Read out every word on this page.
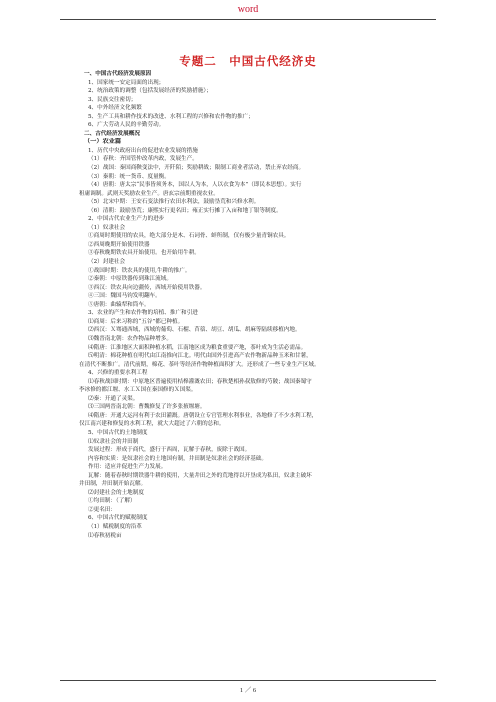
word
专题二　中国古代经济史
一、中国古代经济发展原因
1、国家统一安定局面的出现；
2、统治政策的调整（包括发展经济的奖励措施）；
3、民族交往密切；
4、中外经济文化频繁
5、生产工具和耕作技术的改进、水利工程的兴修和农作物的推广；
6、广大劳动人民的辛勤劳动。
二、古代经济发展概况
（一）农业篇
1、历代中央政府出台的促进农业发展的措施
（1）春秋：齐国管仲改革内政，发展生产。
（2）战国：秦国商鞅变法中，开阡陌；奖励耕战；限制工商业者活动，禁止弃农经商。
（3）秦朝：统一货币、度量衡。
（4）唐朝：唐太宗“民事皆须务本，国以人为本，人以衣食为本”（即民本思想）。实行
租庸调制。武则天奖励农业生产。唐玄宗前期重视农业。
（5）北宋中期：王安石变法推行农田水利法，鼓励垦荒和兴修水利。
（6）清朝：鼓励垦荒；康熙实行更名田；雍正实行摊丁入亩和地丁银等制度。
2、中国古代农业生产力的进步
（1）奴隶社会
①商周时期使用的农具，绝大部分是木、石词骨、蚌所制，仅有极少量青铜农具。
②西周晚期开始使用铁器
③春秋晚期铁农具开始使用。也开始用牛耕。
（2）封建社会
①战国时期：铁农具的使用,牛耕的推广。
②秦朝：中原铁器传到珠江流域。
③西汉：铁农具向边疆传，西域开始使用铁器。
④三国：魏国马钧发明翻车。
⑤唐朝：曲辕犁和筒车。
3、农业的产生和农作物的培植、推广和引进
⑴商周：后来习称的“五谷”都已种植。
⑵西汉：Ｘ骞通西域，西域的葡萄、石榴、苜蓿、胡豆、胡瓜、胡麻等陆续移植内地。
⑶魏晋南北朝：农作物品种增多。
⑷隋唐：江淮地区大面积种植水稻，江南地区成为粮食重要产地，茶叶成为生活必需品。
⑸明清：棉花种植在明代由江南推向江北。明代由国外引进高产农作物新品种玉米和甘薯，
在清代不断推广。清代前期，棉花、茶叶等经济作物种植面积扩大。还形成了一些专业生产区域。
4、兴修的重要水利工程
⑴春秋战国时期：中原地区普遍使用桔槔灌溉农田；春秋楚相孙叔敖修的芍陂；战国秦蜀守
李冰修的都江堰、水工Ｘ国在秦国修的Ｘ国渠。
⑵秦：开通了灵渠。
⑶三国两晋南北朝：曹魏修复了许多张掖堰塘。
⑷隋唐：开通大运河有利于农田灌溉。唐朝设立专官管理水利事业，各地修了不少水利工程，
仅江南兴建和修复的水利工程，就大大超过了六朝的总和。
5、中国古代的土地制度
⑴奴隶社会的井田制
发展过程：形成于商代，盛行于西周，瓦解于春秋，废除于战国。
内容和实质：是奴隶社会的土地国有制，井田制是奴隶社会的经济基础。
作用：适应并促进生产力发展。
瓦解：随着春秋时期铁器牛耕的使用，大量井田之外的荒地得以开垦成为私田，奴隶主破坏
井田制，井田制开始瓦解。
⑵封建社会的土地制度
①均田制：（了解）
②更名田：
6、中国古代的赋税制度
（1）赋税制度的沿革
⑴春秋初税亩
1 ／ 6
